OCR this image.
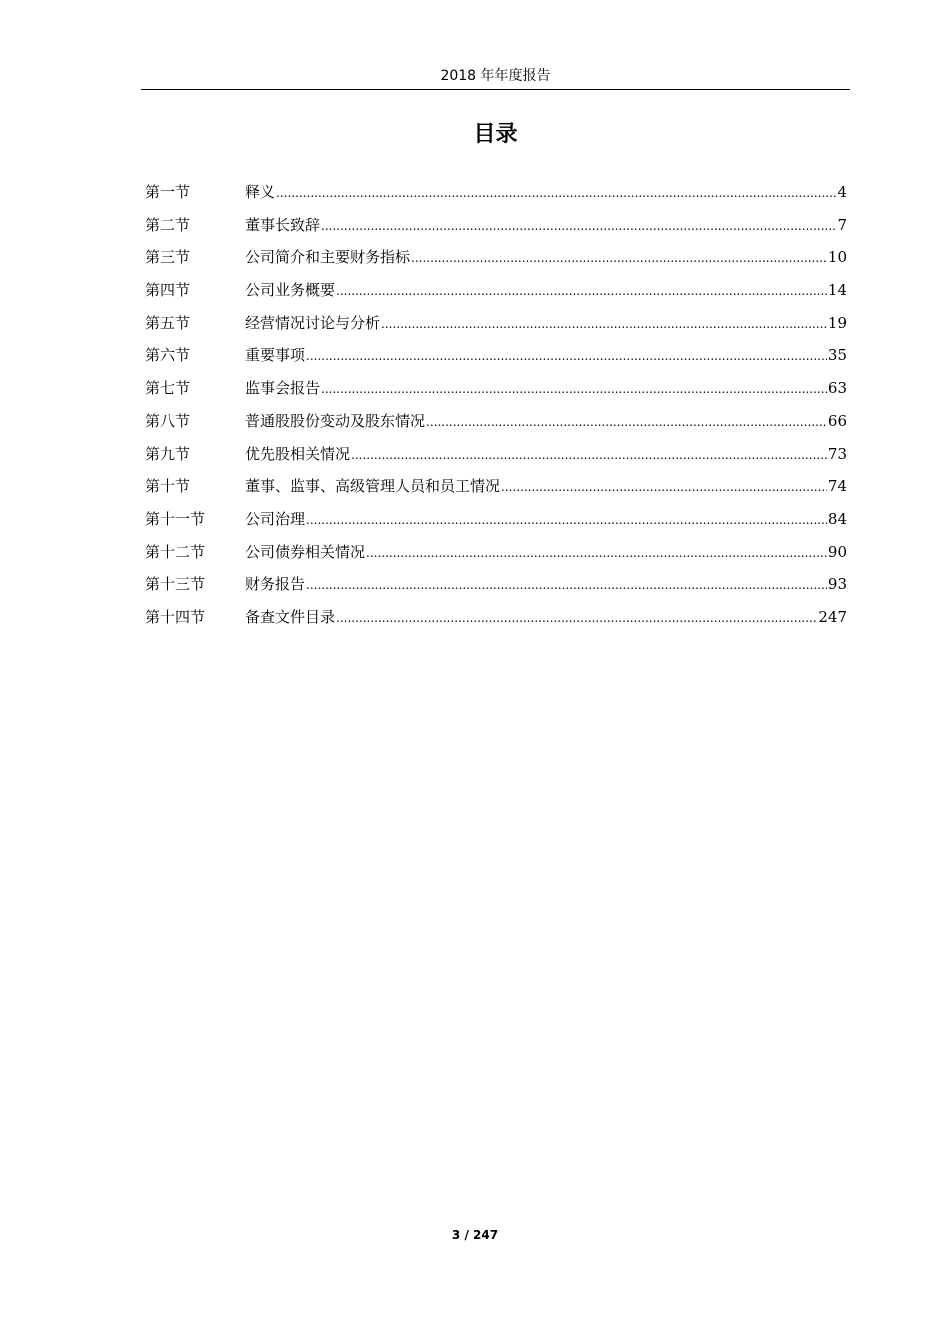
2018 年年度报告
目录
第一节	释义 .....	4
第二节	董事长致辞 .....	7
第三节	公司简介和主要财务指标 .....	10
第四节	公司业务概要 .....	14
第五节	经营情况讨论与分析 .....	19
第六节	重要事项 .....	35
第七节	监事会报告 .....	63
第八节	普通股股份变动及股东情况 .....	66
第九节	优先股相关情况 .....	73
第十节	董事、监事、高级管理人员和员工情况 .....	74
第十一节	公司治理 .....	84
第十二节	公司债券相关情况 .....	90
第十三节	财务报告 .....	93
第十四节	备查文件目录 .....	247
3 / 247
